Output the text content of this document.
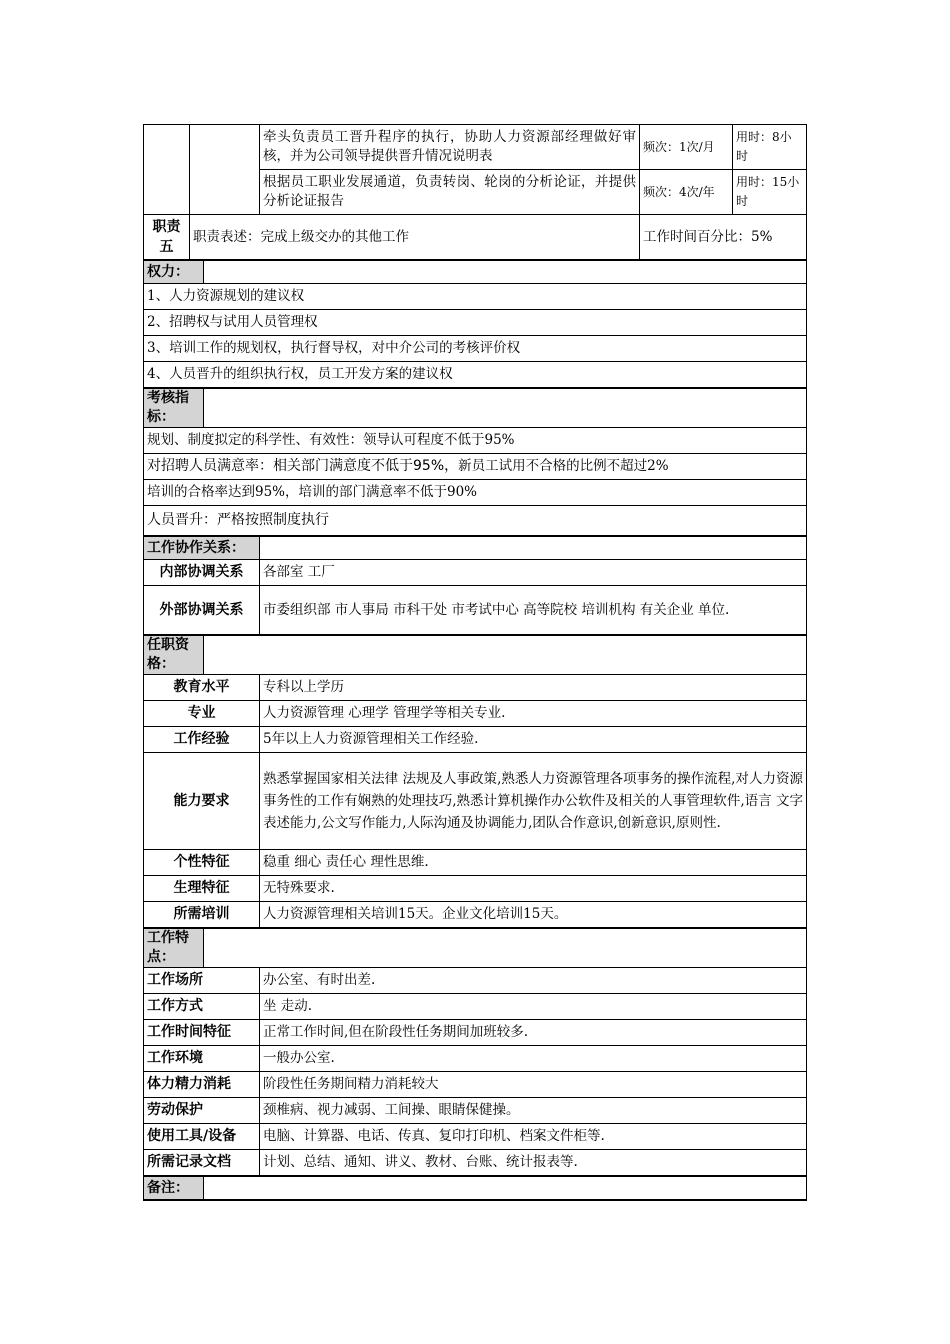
			牵头负责员工晋升程序的执行，协助人力资源部经理做好审核，并为公司领导提供晋升情况说明表	频次：1次/月	用时：8小时
			根据员工职业发展通道，负责转岗、轮岗的分析论证，并提供分析论证报告	频次：4次/年	用时：15小时
职责五	职责表述：完成上级交办的其他工作			工作时间百分比：5%	
权力：					
1、人力资源规划的建议权					
2、招聘权与试用人员管理权					
3、培训工作的规划权，执行督导权，对中介公司的考核评价权					
4、人员晋升的组织执行权，员工开发方案的建议权					
考核指标：					
规划、制度拟定的科学性、有效性：领导认可程度不低于95%					
对招聘人员满意率：相关部门满意度不低于95%，新员工试用不合格的比例不超过2%					
培训的合格率达到95%，培训的部门满意率不低于90%					
人员晋升：严格按照制度执行					
工作协作关系：					
内部协调关系			各部室 工厂		
外部协调关系			市委组织部 市人事局 市科干处 市考试中心 高等院校 培训机构 有关企业 单位.		
任职资格：					
教育水平			专科以上学历		
专业			人力资源管理 心理学 管理学等相关专业.		
工作经验			5年以上人力资源管理相关工作经验.		
能力要求			熟悉掌握国家相关法律 法规及人事政策,熟悉人力资源管理各项事务的操作流程,对人力资源事务性的工作有娴熟的处理技巧,熟悉计算机操作办公软件及相关的人事管理软件,语言 文字表述能力,公文写作能力,人际沟通及协调能力,团队合作意识,创新意识,原则性.		
个性特征			稳重 细心 责任心 理性思维.		
生理特征			无特殊要求.		
所需培训			人力资源管理相关培训15天。企业文化培训15天。		
工作特点：					
工作场所			办公室、有时出差.		
工作方式			坐 走动.		
工作时间特征			正常工作时间,但在阶段性任务期间加班较多.		
工作环境			一般办公室.		
体力精力消耗			阶段性任务期间精力消耗较大		
劳动保护			颈椎病、视力减弱、工间操、眼睛保健操。		
使用工具/设备			电脑、计算器、电话、传真、复印打印机、档案文件柜等.		
所需记录文档			计划、总结、通知、讲义、教材、台账、统计报表等.		
备注：					
